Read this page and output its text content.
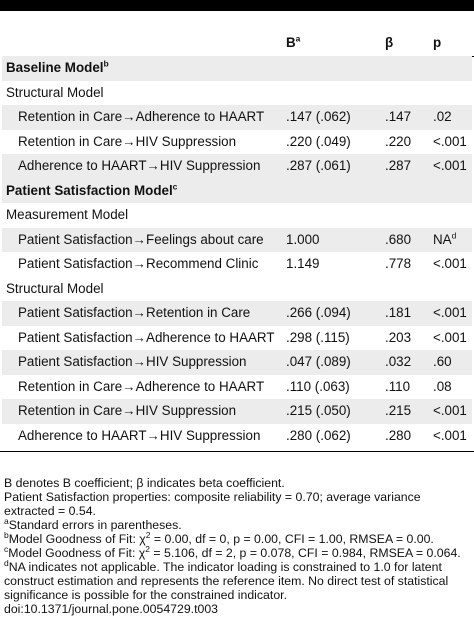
$B^a$	β	p
Baseline Model$^b$
Structural Model
Retention in Care→Adherence to HAART .147 (.062)	.147 .02
Retention in Care→HIV Suppression	.220 (.049)	.220 <.001
Adherence to HAART→HIV Suppression .287 (.061)	.287 <.001
Patient Satisfaction Model$^c$
Measurement Model
Patient Satisfaction→Feelings about care 1.000	.680 $NA^d$
Patient Satisfaction→Recommend Clinic 1.149	.778 <.001
Structural Model
Patient Satisfaction→Retention in Care	.266 (.094)	.181 <.001
Patient Satisfaction→Adherence to HAART .298 (.115)	.203 <.001
Patient Satisfaction→HIV Suppression	.047 (.089)	.032 .60
Retention in Care→Adherence to HAART .110 (.063)	.110 .08
Retention in Care→HIV Suppression	.215 (.050)	.215 <.001
Adherence to HAART→HIV Suppression .280 (.062)	.280 <.001
B denotes B coefficient; β indicates beta coefficient.
Patient Satisfaction properties: composite reliability = 0.70; average variance extracted = 0.54.
$^a$Standard errors in parentheses.
$^b$Model Goodness of Fit: $\chi^2 = 0.00$, df = 0, p = 0.00, CFI = 1.00, RMSEA = 0.00.
$^c$Model Goodness of Fit: $\chi^2 = 5.106$, df = 2, p = 0.078, CFI = 0.984, RMSEA = 0.064.
$^d$NA indicates not applicable. The indicator loading is constrained to 1.0 for latent construct estimation and represents the reference item. No direct test of statistical significance is possible for the constrained indicator.
doi:10.1371/journal.pone.0054729.t003
